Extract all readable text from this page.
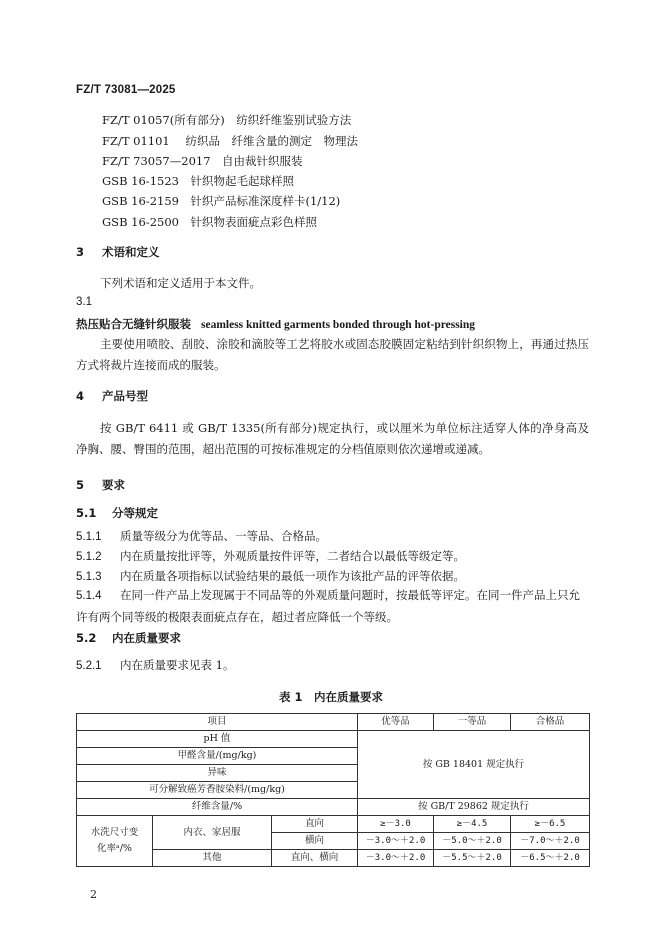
FZ/T 73081—2025
FZ/T 01057(所有部分)　 纺织纤维鉴别试验方法
FZ/T 01101　 纺织品　纤维含量的测定　物理法
FZ/T 73057—2017　 自由裁针织服装
GSB 16-1523　 针织物起毛起球样照
GSB 16-2159　 针织产品标准深度样卡(1/12)
GSB 16-2500　 针织物表面疵点彩色样照
3 术语和定义
下列术语和定义适用于本文件。
3.1
热压贴合无缝针织服装 seamless knitted garments bonded through hot-pressing
主要使用喷胶、刮胶、涂胶和滴胶等工艺将胶水或固态胶膜固定粘结到针织织物上，再通过热压方式将裁片连接而成的服装。
4 产品号型
按 GB/T 6411 或 GB/T 1335(所有部分)规定执行，或以厘米为单位标注适穿人体的净身高及净胸、腰、臀围的范围，超出范围的可按标准规定的分档值原则依次递增或递减。
5 要求
5.1 分等规定
5.1.1 质量等级分为优等品、一等品、合格品。
5.1.2 内在质量按批评等，外观质量按件评等，二者结合以最低等级定等。
5.1.3 内在质量各项指标以试验结果的最低一项作为该批产品的评等依据。
5.1.4 在同一件产品上发现属于不同品等的外观质量问题时，按最低等评定。在同一件产品上只允许有两个同等级的极限表面疵点存在，超过者应降低一个等级。
5.2 内在质量要求
5.2.1 内在质量要求见表 1。
表 1　内在质量要求
项目			优等品	一等品	合格品
pH 值			按 GB 18401 规定执行		
甲醛含量/(mg/kg)					
异味					
可分解致癌芳香胺染料/(mg/kg)					
纤维含量/%			按 GB/T 29862 规定执行		
水洗尺寸变化率ᵃ/%	内衣、家居服	直向	≥－3.0	≥－4.5	≥－6.5
		横向	－3.0～＋2.0	－5.0～＋2.0	－7.0～＋2.0
	其他	直向、横向	－3.0～＋2.0	－5.5～＋2.0	－6.5～＋2.0
2
